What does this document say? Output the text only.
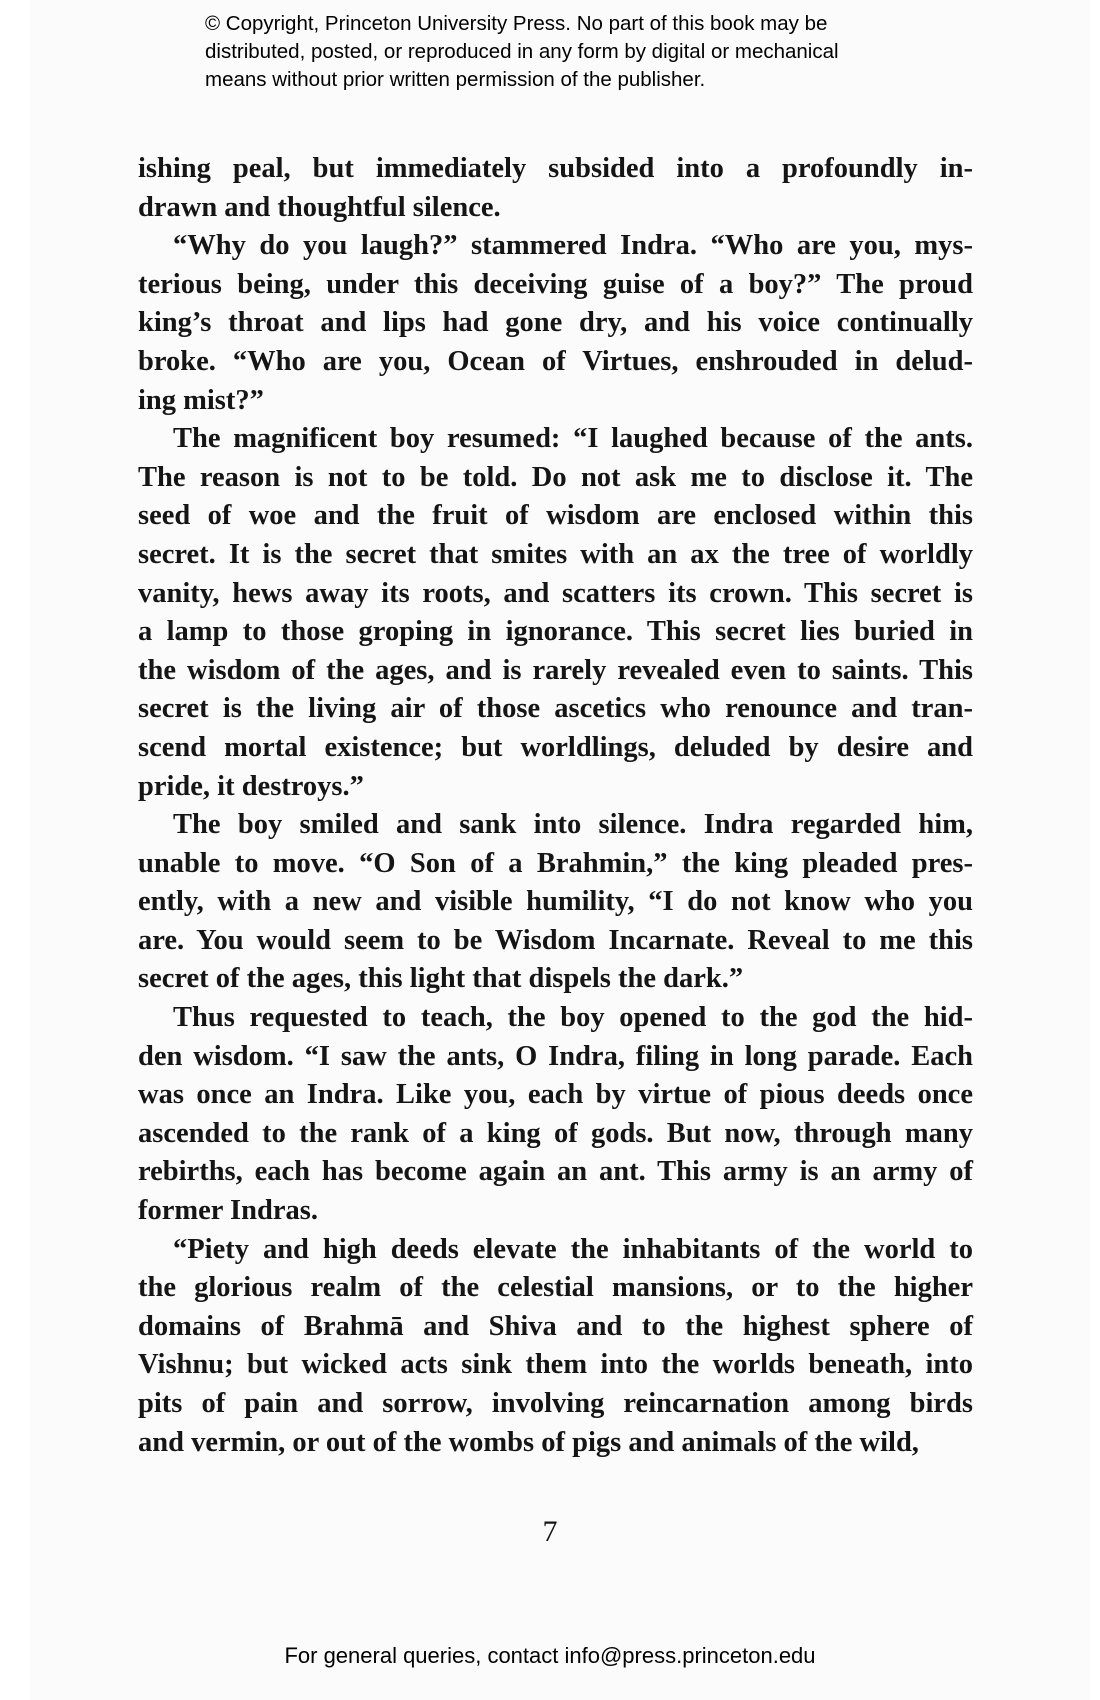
© Copyright, Princeton University Press. No part of this book may be
distributed, posted, or reproduced in any form by digital or mechanical
means without prior written permission of the publisher.

ishing peal, but immediately subsided into a profoundly in-
drawn and thoughtful silence.

“Why do you laugh?” stammered Indra. “Who are you, mys-
terious being, under this deceiving guise of a boy?” The proud
king’s throat and lips had gone dry, and his voice continually
broke. “Who are you, Ocean of Virtues, enshrouded in delud-
ing mist?”

The magnificent boy resumed: “I laughed because of the ants.
The reason is not to be told. Do not ask me to disclose it. The
seed of woe and the fruit of wisdom are enclosed within this
secret. It is the secret that smites with an ax the tree of worldly
vanity, hews away its roots, and scatters its crown. This secret is
a lamp to those groping in ignorance. This secret lies buried in
the wisdom of the ages, and is rarely revealed even to saints. This
secret is the living air of those ascetics who renounce and tran-
scend mortal existence; but worldlings, deluded by desire and
pride, it destroys.”

The boy smiled and sank into silence. Indra regarded him,
unable to move. “O Son of a Brahmin,” the king pleaded pres-
ently, with a new and visible humility, “I do not know who you
are. You would seem to be Wisdom Incarnate. Reveal to me this
secret of the ages, this light that dispels the dark.”

Thus requested to teach, the boy opened to the god the hid-
den wisdom. “I saw the ants, O Indra, filing in long parade. Each
was once an Indra. Like you, each by virtue of pious deeds once
ascended to the rank of a king of gods. But now, through many
rebirths, each has become again an ant. This army is an army of
former Indras.

“Piety and high deeds elevate the inhabitants of the world to
the glorious realm of the celestial mansions, or to the higher
domains of Brahmā and Shiva and to the highest sphere of
Vishnu; but wicked acts sink them into the worlds beneath, into
pits of pain and sorrow, involving reincarnation among birds
and vermin, or out of the wombs of pigs and animals of the wild,

7
For general queries, contact info@press.princeton.edu
